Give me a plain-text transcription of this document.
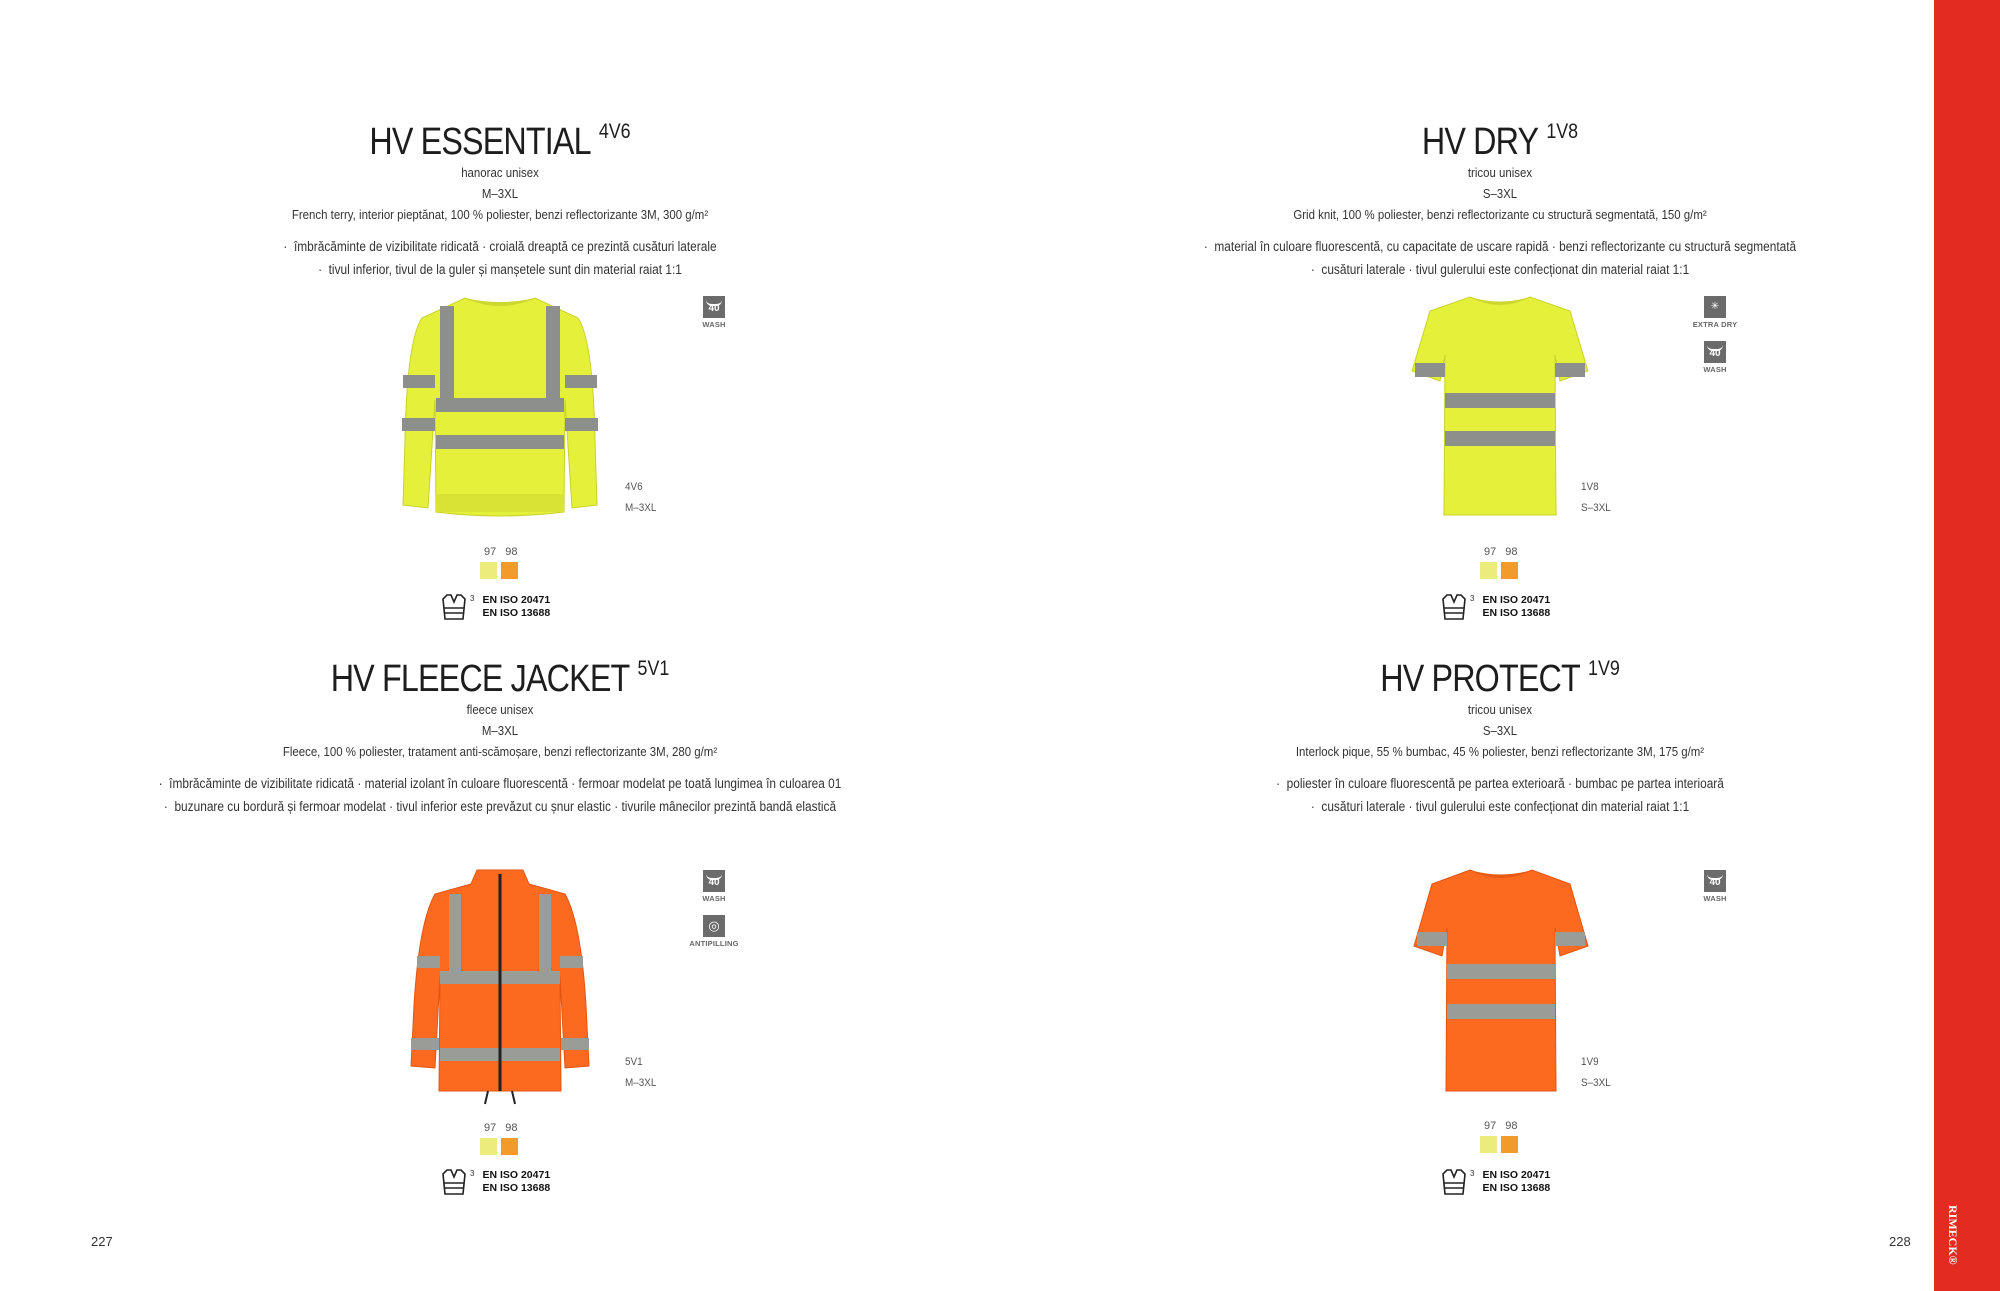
HV ESSENTIAL $^{4V6}$
hanorac unisex
M–3XL
French terry, interior pieptănat, 100 % poliester, benzi reflectorizante 3M, 300 g/m²
·  îmbrăcăminte de vizibilitate ridicată · croială dreaptă ce prezintă cusături laterale
·  tivul inferior, tivul de la guler și manșetele sunt din material raiat 1:1
4V6
M–3XL
40
WASH
97 98
3 EN ISO 20471
EN ISO 13688
HV DRY $^{1V8}$
tricou unisex
S–3XL
Grid knit, 100 % poliester, benzi reflectorizante cu structură segmentată, 150 g/m²
·  material în culoare fluorescentă, cu capacitate de uscare rapidă · benzi reflectorizante cu structură segmentată
·  cusături laterale · tivul gulerului este confecționat din material raiat 1:1
1V8
S–3XL
✳
EXTRA DRY
40
WASH
97 98
3 EN ISO 20471
EN ISO 13688
HV FLEECE JACKET $^{5V1}$
fleece unisex
M–3XL
Fleece, 100 % poliester, tratament anti-scămoșare, benzi reflectorizante 3M, 280 g/m²
·  îmbrăcăminte de vizibilitate ridicată · material izolant în culoare fluorescentă · fermoar modelat pe toată lungimea în culoarea 01
·  buzunare cu bordură și fermoar modelat · tivul inferior este prevăzut cu șnur elastic · tivurile mânecilor prezintă bandă elastică
5V1
M–3XL
40
WASH
◎
ANTIPILLING
97 98
3 EN ISO 20471
EN ISO 13688
HV PROTECT $^{1V9}$
tricou unisex
S–3XL
Interlock pique, 55 % bumbac, 45 % poliester, benzi reflectorizante 3M, 175 g/m²
·  poliester în culoare fluorescentă pe partea exterioară · bumbac pe partea interioară
·  cusături laterale · tivul gulerului este confecționat din material raiat 1:1
1V9
S–3XL
40
WASH
97 98
3 EN ISO 20471
EN ISO 13688
227	228	RIMECK®
